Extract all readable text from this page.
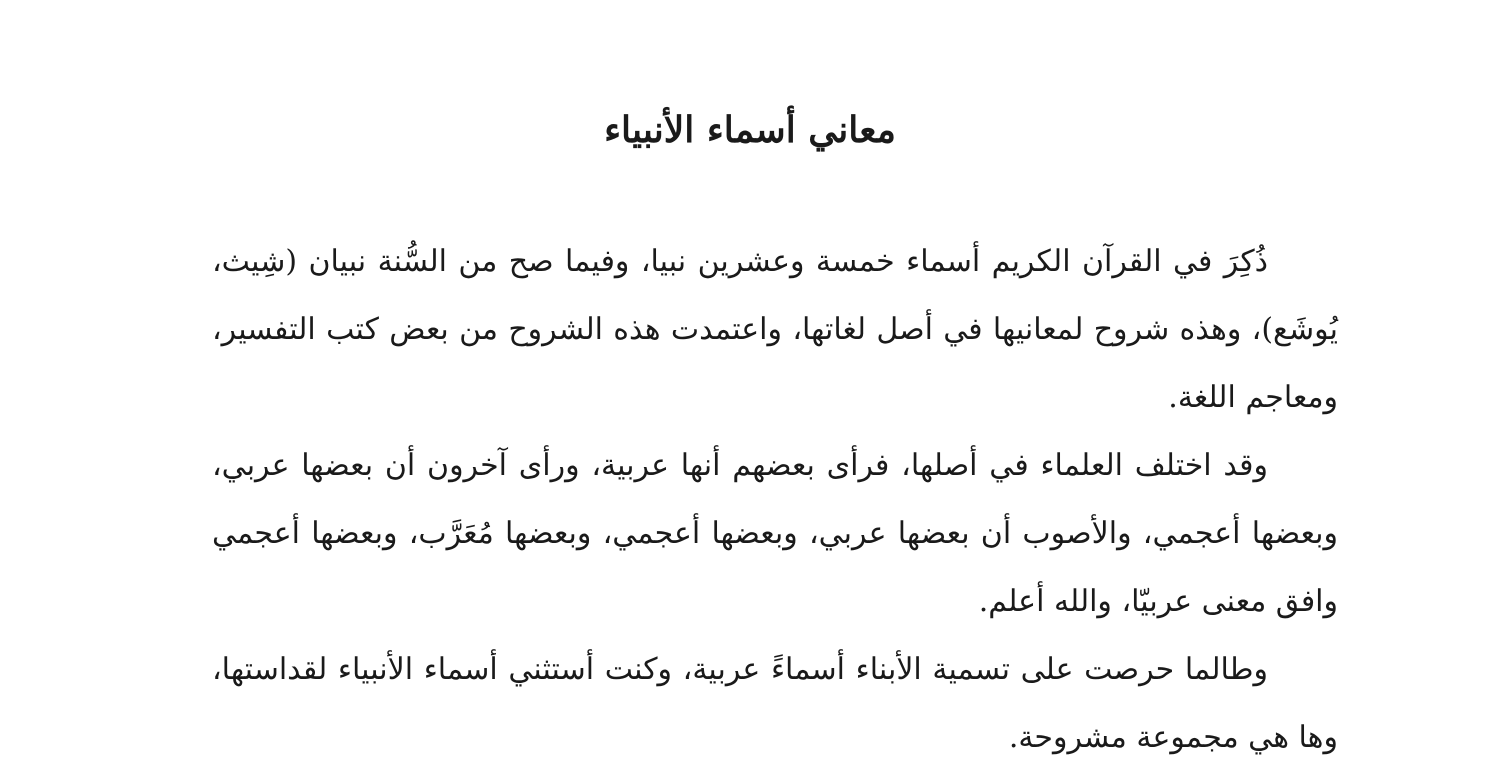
معاني أسماء الأنبياء

ذُكِرَ في القرآن الكريم أسماء خمسة وعشرين نبيا، وفيما صح من السُّنة نبيان (شِيث، يُوشَع)، وهذه شروح لمعانيها في أصل لغاتها، واعتمدت هذه الشروح من بعض كتب التفسير، ومعاجم اللغة.

وقد اختلف العلماء في أصلها، فرأى بعضهم أنها عربية، ورأى آخرون أن بعضها عربي، وبعضها أعجمي، والأصوب أن بعضها عربي، وبعضها أعجمي، وبعضها مُعَرَّب، وبعضها أعجمي وافق معنى عربيّا، والله أعلم.

وطالما حرصت على تسمية الأبناء أسماءً عربية، وكنت أستثني أسماء الأنبياء لقداستها، وها هي مجموعة مشروحة.
